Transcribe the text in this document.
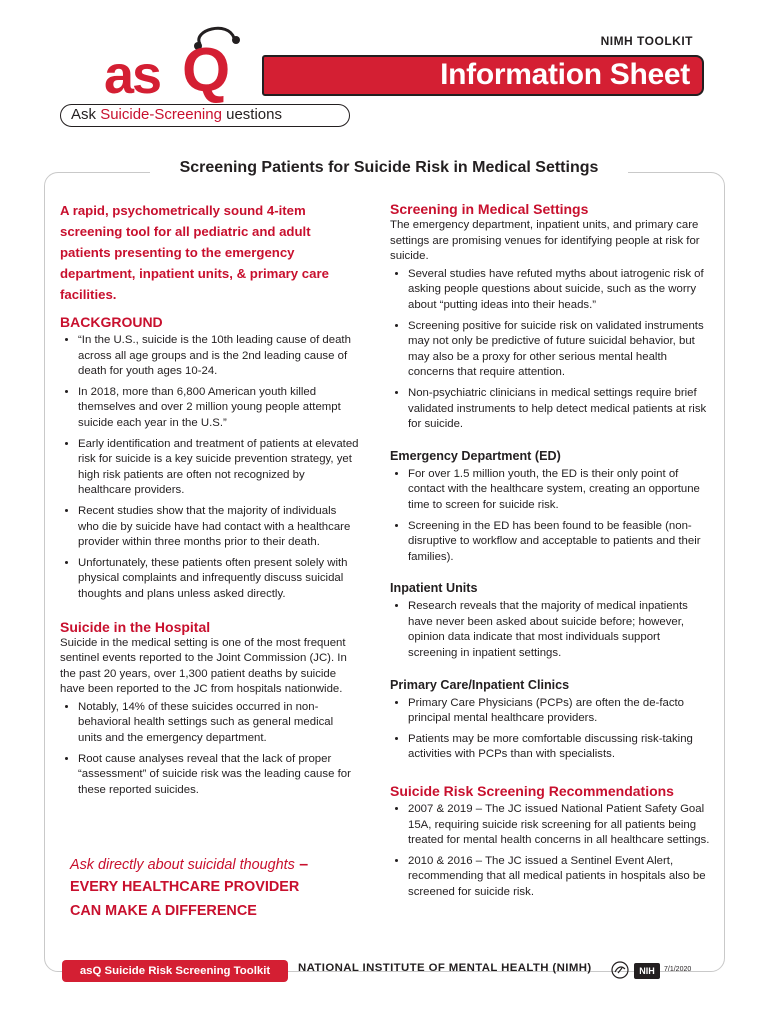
NIMH TOOLKIT
as Q	Information Sheet
Ask Suicide-Screening uestions
Screening Patients for Suicide Risk in Medical Settings

A rapid, psychometrically sound 4-item screening tool for all pediatric and adult patients presenting to the emergency department, inpatient units, & primary care facilities.

BACKGROUND
• “In the U.S., suicide is the 10th leading cause of death across all age groups and is the 2nd leading cause of death for youth ages 10-24.
• In 2018, more than 6,800 American youth killed themselves and over 2 million young people attempt suicide each year in the U.S.”
• Early identification and treatment of patients at elevated risk for suicide is a key suicide prevention strategy, yet high risk patients are often not recognized by healthcare providers.
• Recent studies show that the majority of individuals who die by suicide have had contact with a healthcare provider within three months prior to their death.
• Unfortunately, these patients often present solely with physical complaints and infrequently discuss suicidal thoughts and plans unless asked directly.
Suicide in the Hospital

Suicide in the medical setting is one of the most frequent sentinel events reported to the Joint Commission (JC). In the past 20 years, over 1,300 patient deaths by suicide have been reported to the JC from hospitals nationwide.

• Notably, 14% of these suicides occurred in non- behavioral health settings such as general medical units and the emergency department.
• Root cause analyses reveal that the lack of proper “assessment” of suicide risk was the leading cause for these reported suicides.
Ask directly about suicidal thoughts –
EVERY HEALTHCARE PROVIDER
CAN MAKE A DIFFERENCE
Screening in Medical Settings

The emergency department, inpatient units, and primary care settings are promising venues for identifying people at risk for suicide.

• Several studies have refuted myths about iatrogenic risk of asking people questions about suicide, such as the worry about “putting ideas into their heads.”
• Screening positive for suicide risk on validated instruments may not only be predictive of future suicidal behavior, but may also be a proxy for other serious mental health concerns that require attention.
• Non-psychiatric clinicians in medical settings require brief validated instruments to help detect medical patients at risk for suicide.
Emergency Department (ED)
• For over 1.5 million youth, the ED is their only point of contact with the healthcare system, creating an opportune time to screen for suicide risk.
• Screening in the ED has been found to be feasible (non-disruptive to workflow and acceptable to patients and their families).
Inpatient Units
• Research reveals that the majority of medical inpatients have never been asked about suicide before; however, opinion data indicate that most individuals support screening in inpatient settings.
Primary Care/Inpatient Clinics
• Primary Care Physicians (PCPs) are often the de-facto principal mental healthcare providers.
• Patients may be more comfortable discussing risk-taking activities with PCPs than with specialists.
Suicide Risk Screening Recommendations
• 2007 & 2019 – The JC issued National Patient Safety Goal 15A, requiring suicide risk screening for all patients being treated for mental health concerns in all healthcare settings.
• 2010 & 2016 – The JC issued a Sentinel Event Alert, recommending that all medical patients in hospitals also be screened for suicide risk.
asQ Suicide Risk Screening Toolkit	NATIONAL INSTITUTE OF MENTAL HEALTH (NIMH)	NIH	7/1/2020
